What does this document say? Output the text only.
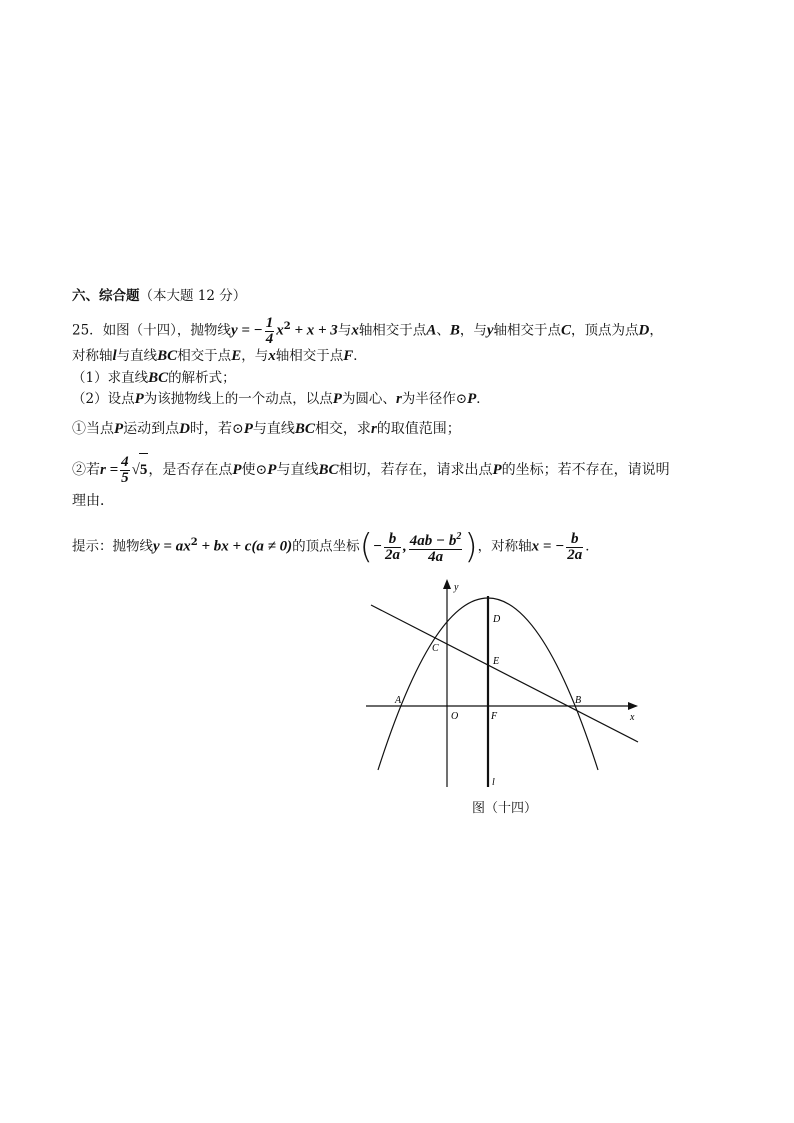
六、综合题（本大题 12 分）
25．如图（十四），抛物线y = − $\frac{1}{4} x^2 + x + 3$与x轴相交于点A、B，与y轴相交于点C，顶点为点D，
对称轴l与直线BC相交于点E，与x轴相交于点F．
（1）求直线BC的解析式；
（2）设点P为该抛物线上的一个动点，以点P为圆心、r为半径作⊙P．
①当点P运动到点D时，若⊙P与直线BC相交，求r的取值范围；
②若$r = \frac{4}{5} √5$，是否存在点P使⊙P与直线BC相切，若存在，请求出点P的坐标；若不存在，请说明
理由．
提示：抛物线$y = ax^2$ + bx + c(a ≠ 0)的顶点坐标(− $\frac{b}{2a}$ , $\frac{4ab - b^2}{4a}$ )，对称轴x = − $\frac{b}{2a}$ ．
y
x
D
C
E
A	B
O	F
l
图（十四）
